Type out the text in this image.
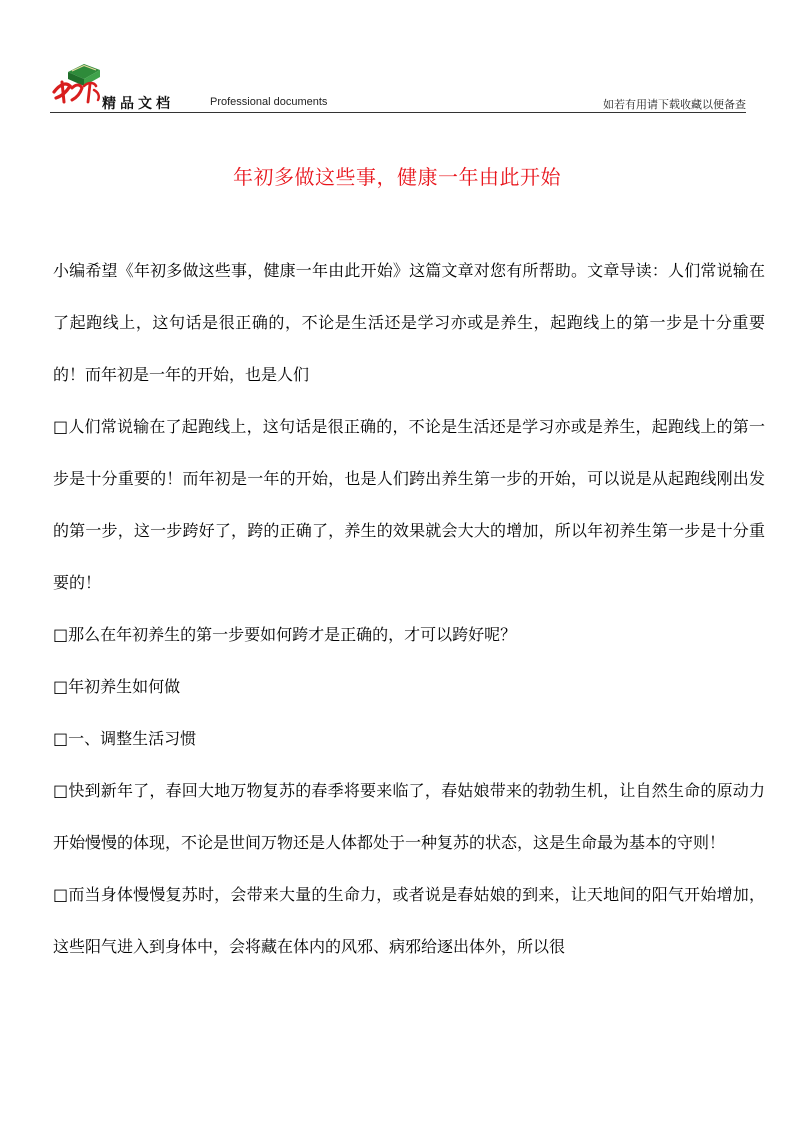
精品文档	Professional documents	如若有用请下载收藏以便备查
年初多做这些事，健康一年由此开始

小编希望《年初多做这些事，健康一年由此开始》这篇文章对您有所帮助。文章导读：人们常说输在了起跑线上，这句话是很正确的，不论是生活还是学习亦或是养生，起跑线上的第一步是十分重要的！而年初是一年的开始，也是人们

□人们常说输在了起跑线上，这句话是很正确的，不论是生活还是学习亦或是养生，起跑线上的第一步是十分重要的！而年初是一年的开始，也是人们跨出养生第一步的开始，可以说是从起跑线刚出发的第一步，这一步跨好了，跨的正确了，养生的效果就会大大的增加，所以年初养生第一步是十分重要的！

□那么在年初养生的第一步要如何跨才是正确的，才可以跨好呢？

□年初养生如何做

□一、调整生活习惯

□快到新年了，春回大地万物复苏的春季将要来临了，春姑娘带来的勃勃生机，让自然生命的原动力开始慢慢的体现，不论是世间万物还是人体都处于一种复苏的状态，这是生命最为基本的守则！

□而当身体慢慢复苏时，会带来大量的生命力，或者说是春姑娘的到来，让天地间的阳气开始增加，这些阳气进入到身体中，会将藏在体内的风邪、病邪给逐出体外，所以很
